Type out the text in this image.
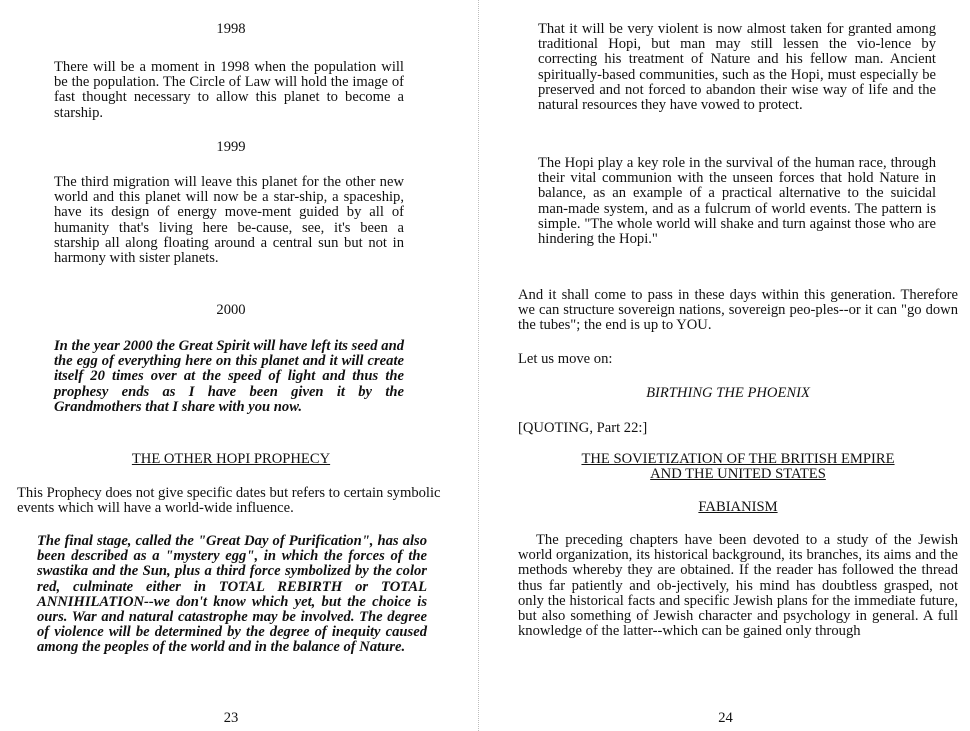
1998

There will be a moment in 1998 when the population will be the population. The Circle of Law will hold the image of fast thought necessary to allow this planet to become a starship.

1999

The third migration will leave this planet for the other new world and this planet will now be a star-ship, a spaceship, have its design of energy move-ment guided by all of humanity that's living here be-cause, see, it's been a starship all along floating around a central sun but not in harmony with sister planets.

2000

In the year 2000 the Great Spirit will have left its seed and the egg of everything here on this planet and it will create itself 20 times over at the speed of light and thus the prophesy ends as I have been given it by the Grandmothers that I share with you now.

THE OTHER HOPI PROPHECY

This Prophecy does not give specific dates but refers to certain symbolic events which will have a world-wide influence.

The final stage, called the "Great Day of Purification", has also been described as a "mystery egg", in which the forces of the swastika and the Sun, plus a third force symbolized by the color red, culminate either in TOTAL REBIRTH or TOTAL ANNIHILATION--we don't know which yet, but the choice is ours. War and natural catastrophe may be involved. The degree of violence will be determined by the degree of inequity caused among the peoples of the world and in the balance of Nature.

23

That it will be very violent is now almost taken for granted among traditional Hopi, but man may still lessen the vio-lence by correcting his treatment of Nature and his fellow man. Ancient spiritually-based communities, such as the Hopi, must especially be preserved and not forced to abandon their wise way of life and the natural resources they have vowed to protect.

The Hopi play a key role in the survival of the human race, through their vital communion with the unseen forces that hold Nature in balance, as an example of a practical alternative to the suicidal man-made system, and as a fulcrum of world events. The pattern is simple. "The whole world will shake and turn against those who are hindering the Hopi."

And it shall come to pass in these days within this generation. Therefore we can structure sovereign nations, sovereign peo-ples--or it can "go down the tubes"; the end is up to YOU.

Let us move on:

BIRTHING THE PHOENIX

[QUOTING, Part 22:]

THE SOVIETIZATION OF THE BRITISH EMPIRE

AND THE UNITED STATES

FABIANISM

The preceding chapters have been devoted to a study of the Jewish world organization, its historical background, its branches, its aims and the methods whereby they are obtained. If the reader has followed the thread thus far patiently and ob-jectively, his mind has doubtless grasped, not only the historical facts and specific Jewish plans for the immediate future, but also something of Jewish character and psychology in general. A full knowledge of the latter--which can be gained only through

24
